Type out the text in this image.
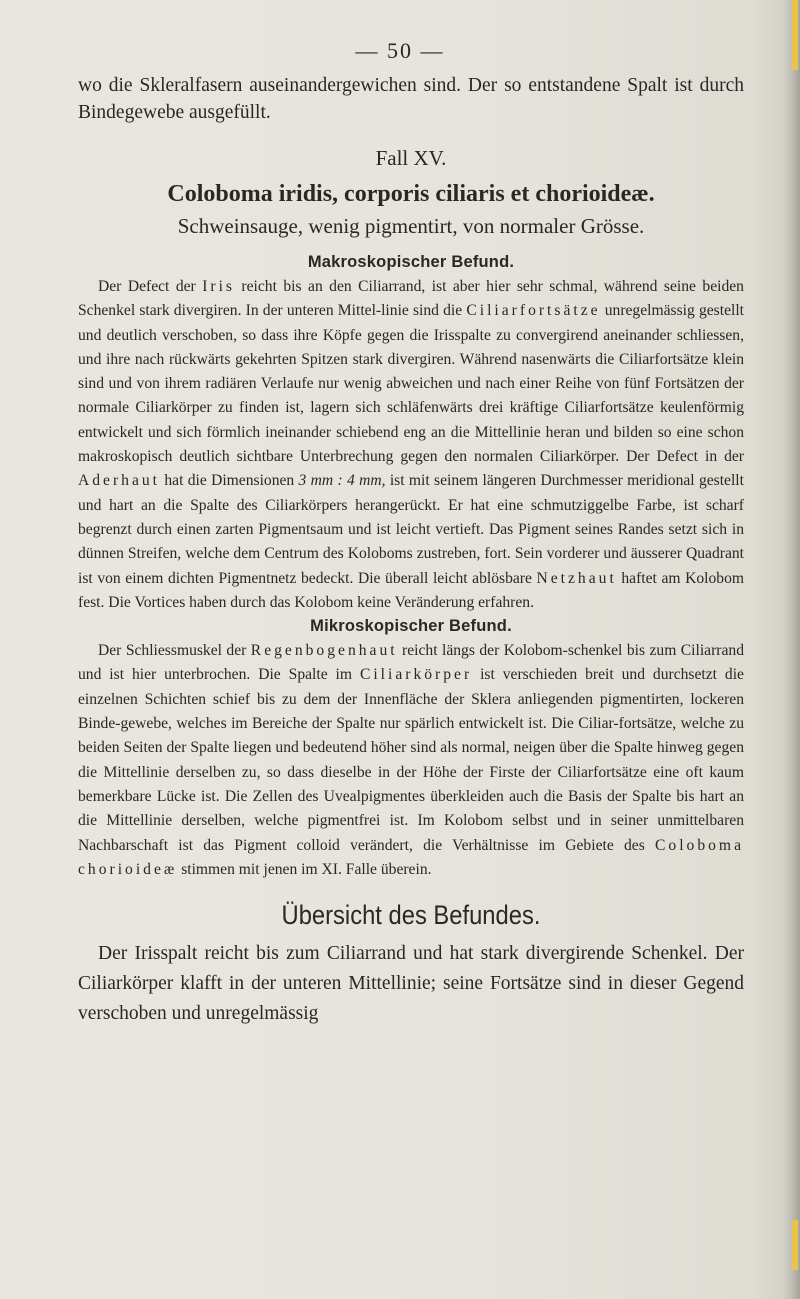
— 50 —

wo die Skleralfasern auseinandergewichen sind. Der so entstandene Spalt ist durch Bindegewebe ausgefüllt.

Fall XV.
Coloboma iridis, corporis ciliaris et chorioideæ.
Schweinsauge, wenig pigmentirt, von normaler Grösse.
Makroskopischer Befund.

Der Defect der Iris reicht bis an den Ciliarrand, ist aber hier sehr schmal, während seine beiden Schenkel stark divergiren. In der unteren Mittel-linie sind die Ciliarfortsätze unregelmässig gestellt und deutlich verschoben, so dass ihre Köpfe gegen die Irisspalte zu convergirend aneinander schliessen, und ihre nach rückwärts gekehrten Spitzen stark divergiren. Während nasenwärts die Ciliarfortsätze klein sind und von ihrem radiären Verlaufe nur wenig abweichen und nach einer Reihe von fünf Fortsätzen der normale Ciliarkörper zu finden ist, lagern sich schläfenwärts drei kräftige Ciliarfortsätze keulenförmig entwickelt und sich förmlich ineinander schiebend eng an die Mittellinie heran und bilden so eine schon makroskopisch deutlich sichtbare Unterbrechung gegen den normalen Ciliarkörper. Der Defect in der Aderhaut hat die Dimensionen 3 mm : 4 mm, ist mit seinem längeren Durchmesser meridional gestellt und hart an die Spalte des Ciliarkörpers herangerückt. Er hat eine schmutziggelbe Farbe, ist scharf begrenzt durch einen zarten Pigmentsaum und ist leicht vertieft. Das Pigment seines Randes setzt sich in dünnen Streifen, welche dem Centrum des Koloboms zustreben, fort. Sein vorderer und äusserer Quadrant ist von einem dichten Pigmentnetz bedeckt. Die überall leicht ablösbare Netzhaut haftet am Kolobom fest. Die Vortices haben durch das Kolobom keine Veränderung erfahren.

Mikroskopischer Befund.

Der Schliessmuskel der Regenbogenhaut reicht längs der Kolobom-schenkel bis zum Ciliarrand und ist hier unterbrochen. Die Spalte im Ciliarkörper ist verschieden breit und durchsetzt die einzelnen Schichten schief bis zu dem der Innenfläche der Sklera anliegenden pigmentirten, lockeren Binde-gewebe, welches im Bereiche der Spalte nur spärlich entwickelt ist. Die Ciliar-fortsätze, welche zu beiden Seiten der Spalte liegen und bedeutend höher sind als normal, neigen über die Spalte hinweg gegen die Mittellinie derselben zu, so dass dieselbe in der Höhe der Firste der Ciliarfortsätze eine oft kaum bemerkbare Lücke ist. Die Zellen des Uvealpigmentes überkleiden auch die Basis der Spalte bis hart an die Mittellinie derselben, welche pigmentfrei ist. Im Kolobom selbst und in seiner unmittelbaren Nachbarschaft ist das Pigment colloid verändert, die Verhältnisse im Gebiete des Coloboma chorioideæ stimmen mit jenen im XI. Falle überein.

Übersicht des Befundes.

Der Irisspalt reicht bis zum Ciliarrand und hat stark divergirende Schenkel. Der Ciliarkörper klafft in der unteren Mittellinie; seine Fortsätze sind in dieser Gegend verschoben und unregelmässig
